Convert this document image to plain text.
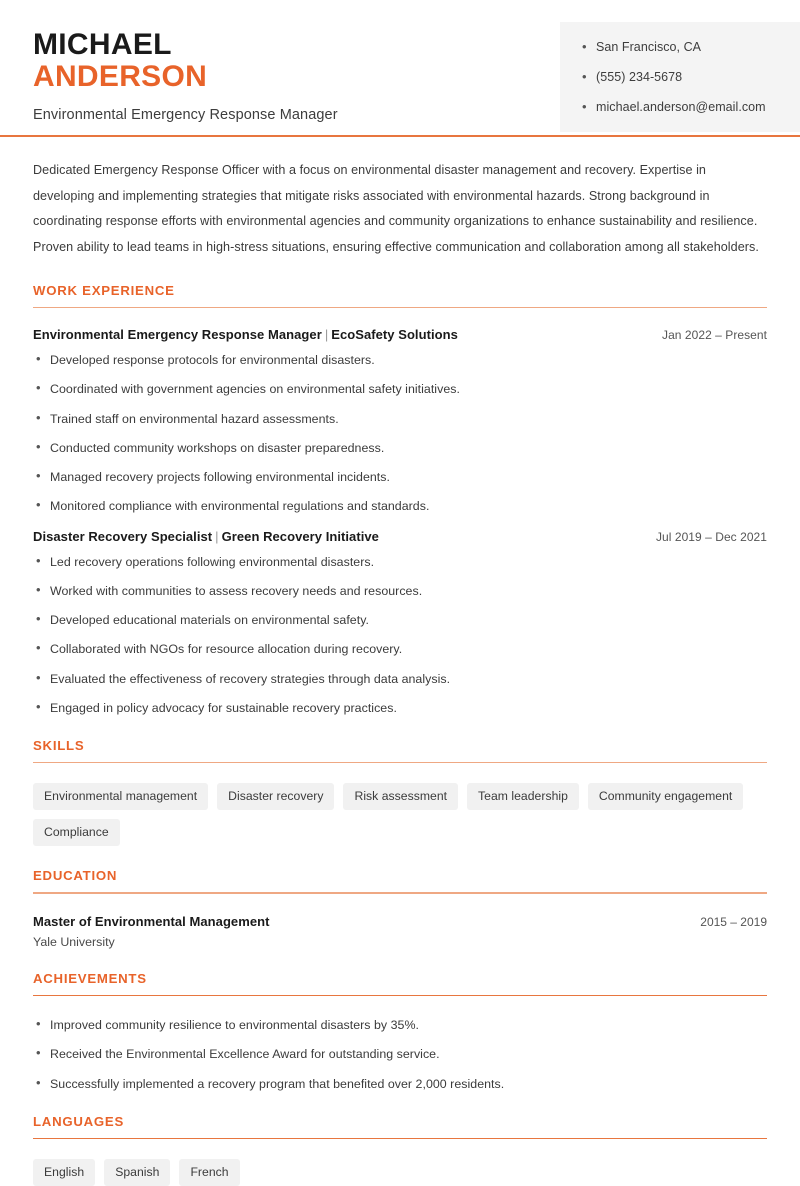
MICHAEL
ANDERSON
Environmental Emergency Response Manager
• San Francisco, CA
• (555) 234-5678
• michael.anderson@email.com

Dedicated Emergency Response Officer with a focus on environmental disaster management and recovery. Expertise in developing and implementing strategies that mitigate risks associated with environmental hazards. Strong background in coordinating response efforts with environmental agencies and community organizations to enhance sustainability and resilience. Proven ability to lead teams in high-stress situations, ensuring effective communication and collaboration among all stakeholders.

WORK EXPERIENCE
Environmental Emergency Response Manager | EcoSafety Solutions	Jan 2022 – Present
• Developed response protocols for environmental disasters.
• Coordinated with government agencies on environmental safety initiatives.
• Trained staff on environmental hazard assessments.
• Conducted community workshops on disaster preparedness.
• Managed recovery projects following environmental incidents.
• Monitored compliance with environmental regulations and standards.
Disaster Recovery Specialist | Green Recovery Initiative	Jul 2019 – Dec 2021
• Led recovery operations following environmental disasters.
• Worked with communities to assess recovery needs and resources.
• Developed educational materials on environmental safety.
• Collaborated with NGOs for resource allocation during recovery.
• Evaluated the effectiveness of recovery strategies through data analysis.
• Engaged in policy advocacy for sustainable recovery practices.
SKILLS
Environmental management	Disaster recovery	Risk assessment	Team leadership	Community engagement
Compliance
EDUCATION
Master of Environmental Management	2015 – 2019
Yale University
ACHIEVEMENTS
• Improved community resilience to environmental disasters by 35%.
• Received the Environmental Excellence Award for outstanding service.
• Successfully implemented a recovery program that benefited over 2,000 residents.
LANGUAGES
English	Spanish	French
